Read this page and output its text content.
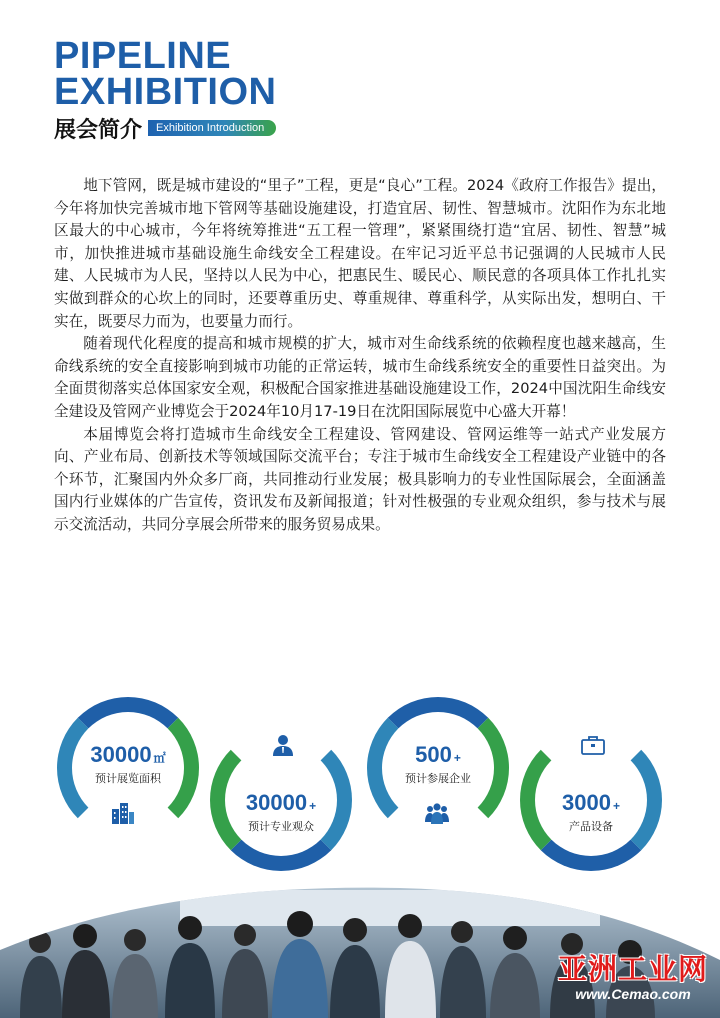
PIPELINE
EXHIBITION
展会简介	Exhibition Introduction

地下管网，既是城市建设的“里子”工程，更是“良心”工程。2024《政府工作报告》提出，今年将加快完善城市地下管网等基础设施建设，打造宜居、韧性、智慧城市。沈阳作为东北地区最大的中心城市，今年将统筹推进“五工程一管理”，紧紧围绕打造“宜居、韧性、智慧”城市，加快推进城市基础设施生命线安全工程建设。在牢记习近平总书记强调的人民城市人民建、人民城市为人民，坚持以人民为中心，把惠民生、暖民心、顺民意的各项具体工作扎扎实实做到群众的心坎上的同时，还要尊重历史、尊重规律、尊重科学，从实际出发，想明白、干实在，既要尽力而为，也要量力而行。

随着现代化程度的提高和城市规模的扩大，城市对生命线系统的依赖程度也越来越高，生命线系统的安全直接影响到城市功能的正常运转，城市生命线系统安全的重要性日益突出。为全面贯彻落实总体国家安全观，积极配合国家推进基础设施建设工作，2024中国沈阳生命线安全建设及管网产业博览会于2024年10月17-19日在沈阳国际展览中心盛大开幕！

本届博览会将打造城市生命线安全工程建设、管网建设、管网运维等一站式产业发展方向、产业布局、创新技术等领域国际交流平台；专注于城市生命线安全工程建设产业链中的各个环节，汇聚国内外众多厂商，共同推动行业发展；极具影响力的专业性国际展会，全面涵盖国内行业媒体的广告宣传，资讯发布及新闻报道；针对性极强的专业观众组织，参与技术与展示交流活动，共同分享展会所带来的服务贸易成果。

30000 ㎡
预计展览面积
30000 +
预计专业观众
500 +
预计参展企业
3000 +
产品设备
亚洲工业网
www.Cemao.com
